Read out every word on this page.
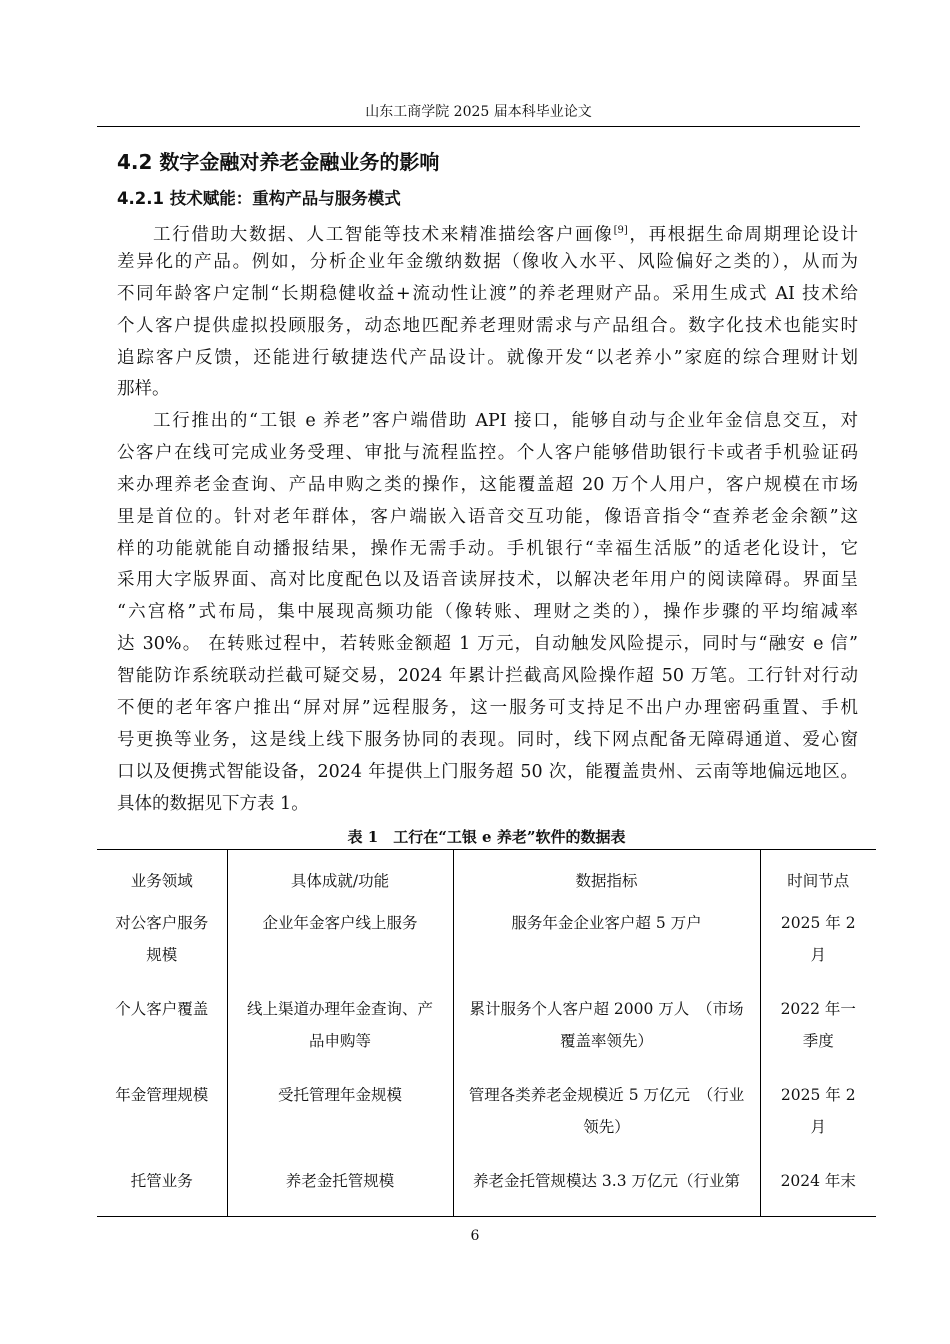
山东工商学院 2025 届本科毕业论文
4.2 数字金融对养老金融业务的影响
4.2.1 技术赋能：重构产品与服务模式
工行借助大数据、人工智能等技术来精准描绘客户画像[9]，再根据生命周期理论设计
差异化的产品。例如，分析企业年金缴纳数据（像收入水平、风险偏好之类的），从而为
不同年龄客户定制“长期稳健收益+流动性让渡”的养老理财产品。采用生成式 AI 技术给
个人客户提供虚拟投顾服务，动态地匹配养老理财需求与产品组合。数字化技术也能实时
追踪客户反馈，还能进行敏捷迭代产品设计。就像开发“以老养小”家庭的综合理财计划
那样。
工行推出的“工银 e 养老”客户端借助 API 接口，能够自动与企业年金信息交互，对
公客户在线可完成业务受理、审批与流程监控。个人客户能够借助银行卡或者手机验证码
来办理养老金查询、产品申购之类的操作，这能覆盖超 20 万个人用户，客户规模在市场
里是首位的。针对老年群体，客户端嵌入语音交互功能，像语音指令“查养老金余额”这
样的功能就能自动播报结果，操作无需手动。手机银行“幸福生活版”的适老化设计，它
采用大字版界面、高对比度配色以及语音读屏技术，以解决老年用户的阅读障碍。界面呈
“六宫格”式布局，集中展现高频功能（像转账、理财之类的），操作步骤的平均缩减率
达 30%。 在转账过程中，若转账金额超 1 万元，自动触发风险提示，同时与“融安 e 信”
智能防诈系统联动拦截可疑交易，2024 年累计拦截高风险操作超 50 万笔。工行针对行动
不便的老年客户推出“屏对屏”远程服务，这一服务可支持足不出户办理密码重置、手机
号更换等业务，这是线上线下服务协同的表现。同时，线下网点配备无障碍通道、爱心窗
口以及便携式智能设备，2024 年提供上门服务超 50 次，能覆盖贵州、云南等地偏远地区。
具体的数据见下方表 1。
表 1　工行在“工银 e 养老”软件的数据表
业务领域	具体成就/功能	数据指标	时间节点
对公客户服务规模	企业年金客户线上服务	服务年金企业客户超 5 万户	2025 年 2 月
个人客户覆盖	线上渠道办理年金查询、产品申购等	累计服务个人客户超 2000 万人　（市场覆盖率领先）	2022 年一季度
年金管理规模	受托管理年金规模	管理各类养老金规模近 5 万亿元　（行业领先）	2025 年 2 月
托管业务	养老金托管规模	养老金托管规模达 3.3 万亿元（行业第	2024 年末
6
